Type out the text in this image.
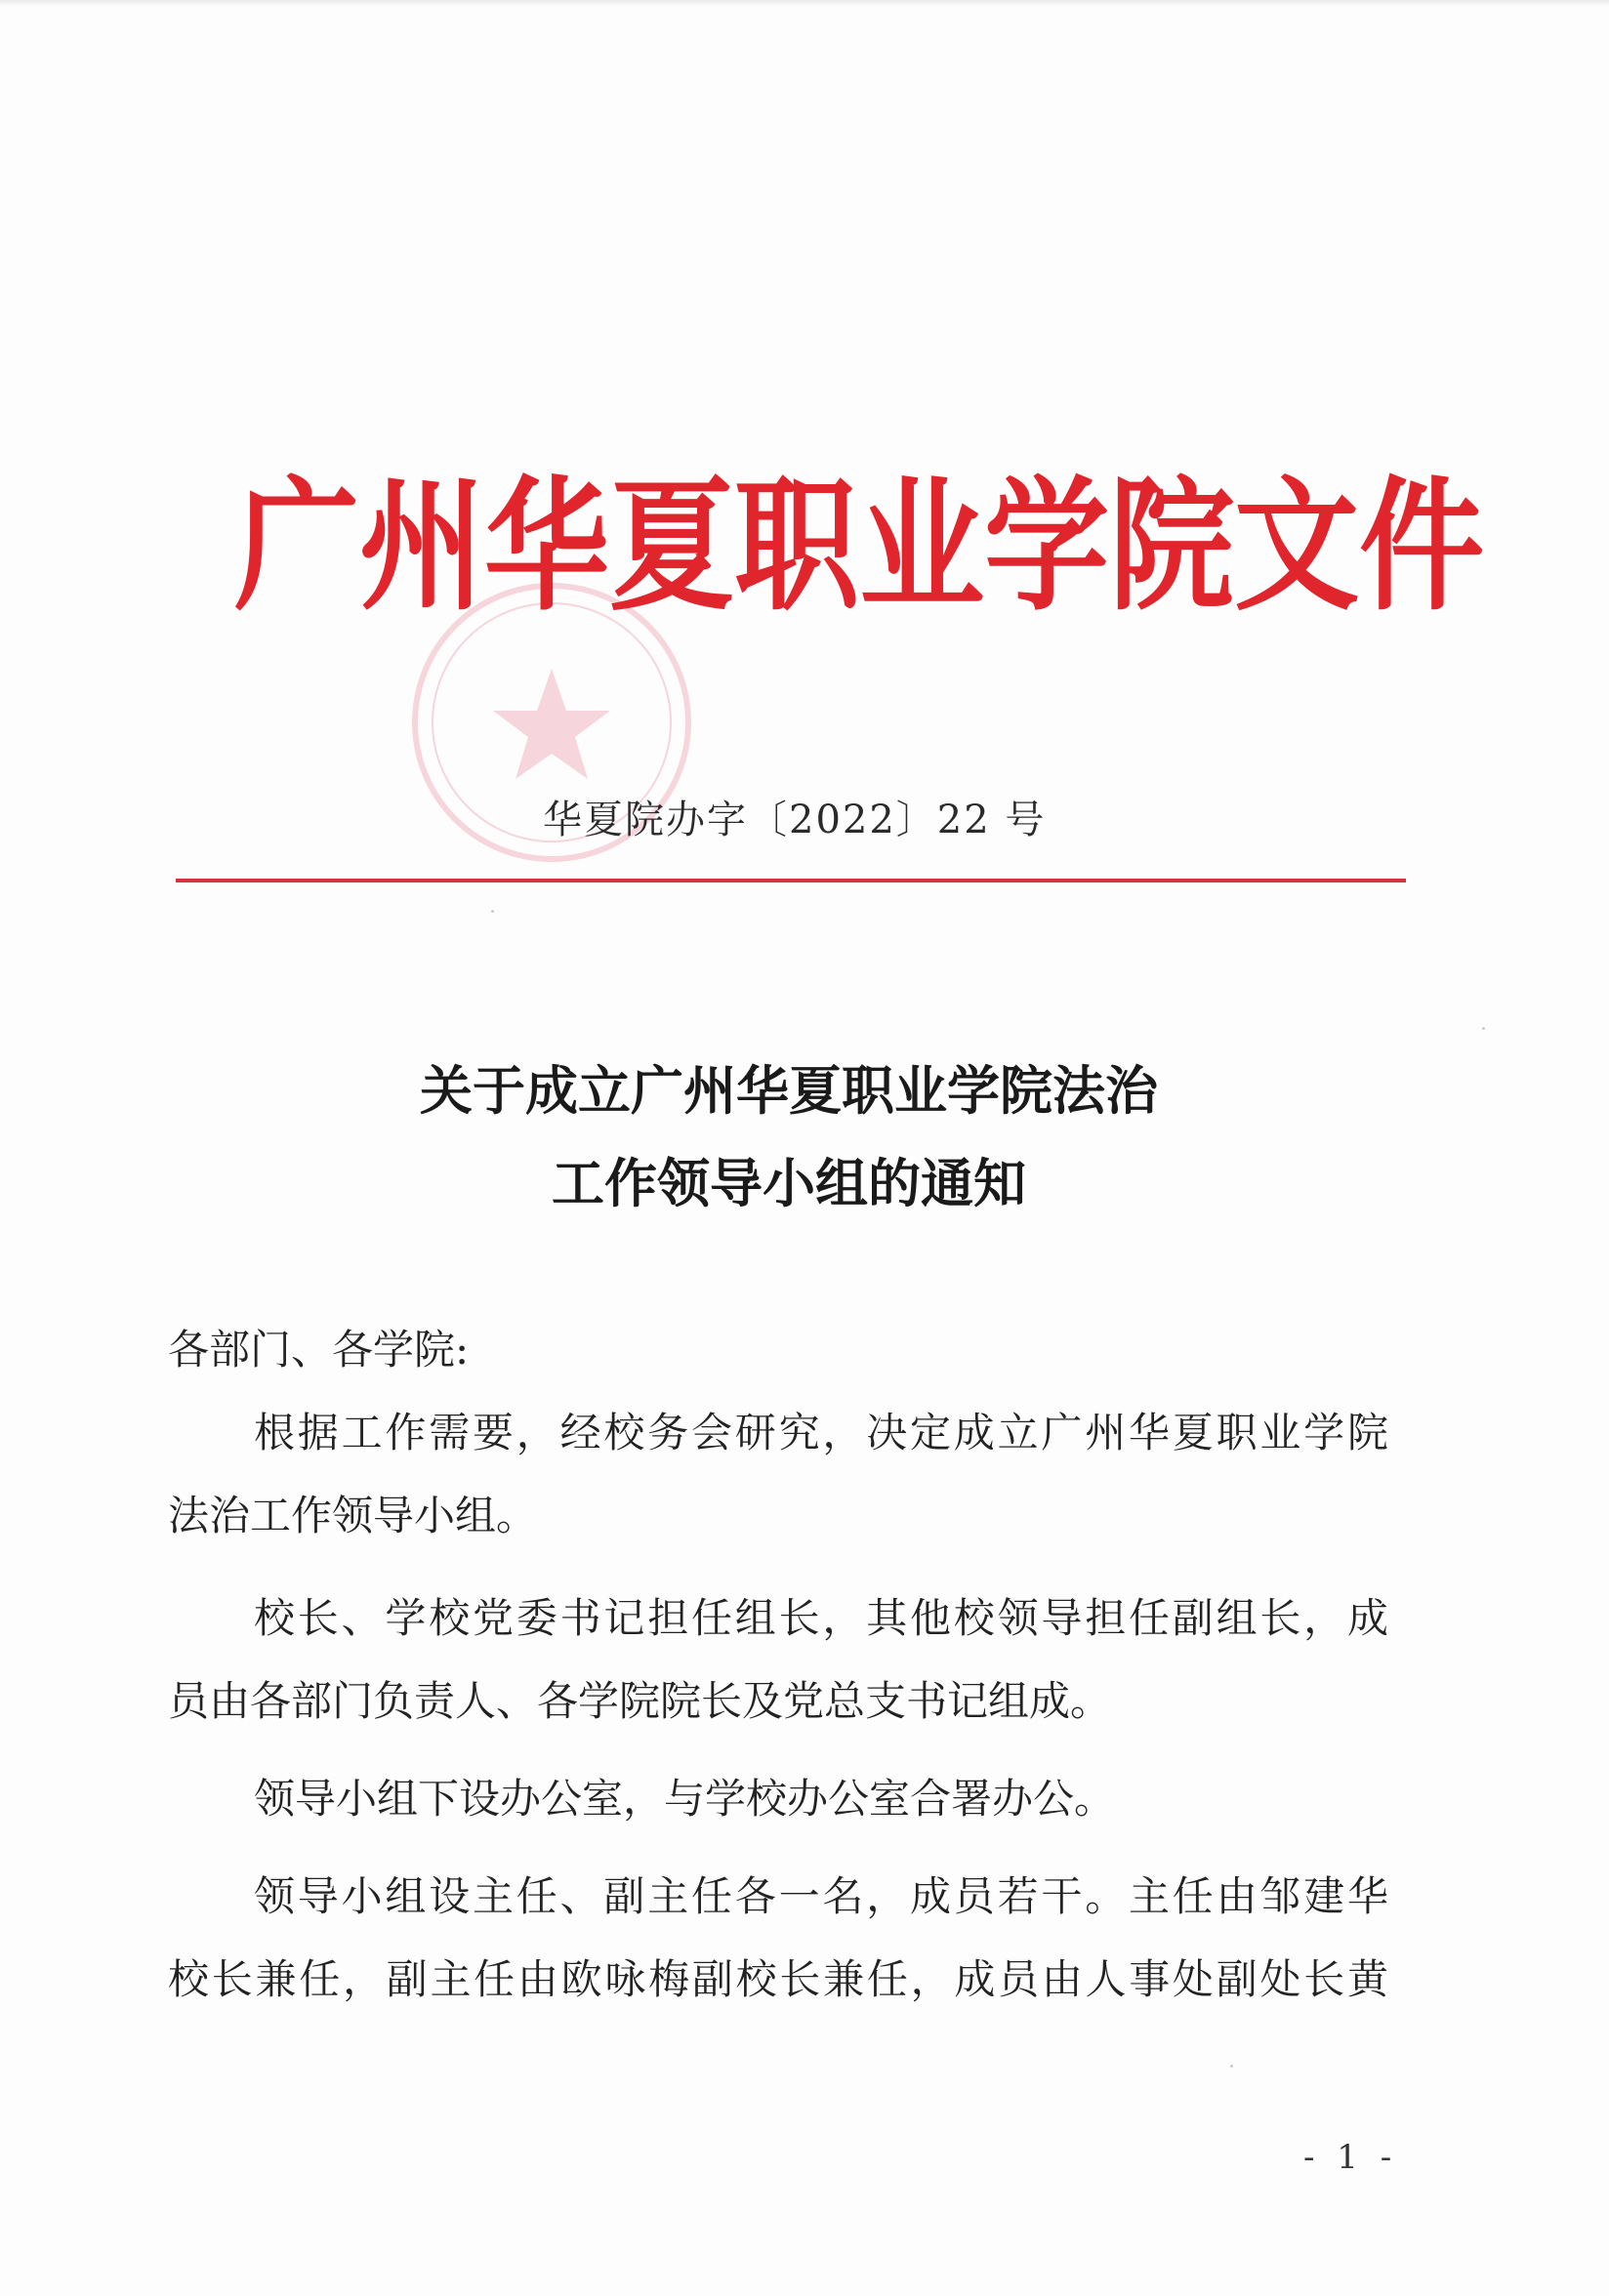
广 州 华 夏 职 业 学 院 文 件
华夏院办字〔2022〕22 号
关于成立广州华夏职业学院法治
工作领导小组的通知
各部门、各学院:
根据工作需要，经校务会研究，决定成立广州华夏职业学院
法治工作领导小组。
校长、学校党委书记担任组长，其他校领导担任副组长，成
员由各部门负责人、各学院院长及党总支书记组成。
领导小组下设办公室，与学校办公室合署办公。
领导小组设主任、副主任各一名，成员若干。主任由邹建华
校长兼任，副主任由欧咏梅副校长兼任，成员由人事处副处长黄
- 1 -
